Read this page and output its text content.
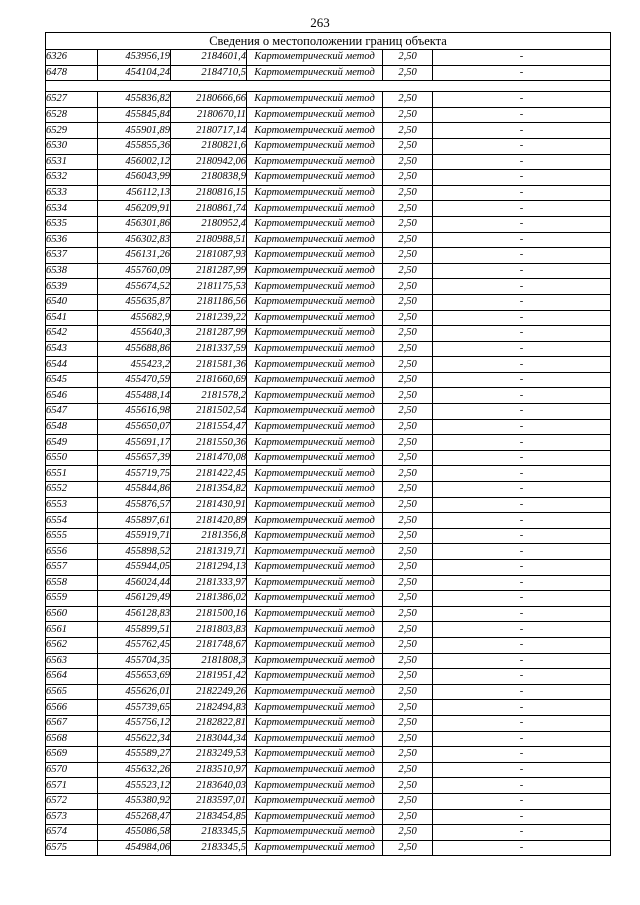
263
Сведения о местоположении границ объекта					
6326	453956,19	2184601,4	Картометрический метод	2,50	-
6478	454104,24	2184710,5	Картометрический метод	2,50	-

6527	455836,82	2180666,66	Картометрический метод	2,50	-
6528	455845,84	2180670,11	Картометрический метод	2,50	-
6529	455901,89	2180717,14	Картометрический метод	2,50	-
6530	455855,36	2180821,6	Картометрический метод	2,50	-
6531	456002,12	2180942,06	Картометрический метод	2,50	-
6532	456043,99	2180838,9	Картометрический метод	2,50	-
6533	456112,13	2180816,15	Картометрический метод	2,50	-
6534	456209,91	2180861,74	Картометрический метод	2,50	-
6535	456301,86	2180952,4	Картометрический метод	2,50	-
6536	456302,83	2180988,51	Картометрический метод	2,50	-
6537	456131,26	2181087,93	Картометрический метод	2,50	-
6538	455760,09	2181287,99	Картометрический метод	2,50	-
6539	455674,52	2181175,53	Картометрический метод	2,50	-
6540	455635,87	2181186,56	Картометрический метод	2,50	-
6541	455682,9	2181239,22	Картометрический метод	2,50	-
6542	455640,3	2181287,99	Картометрический метод	2,50	-
6543	455688,86	2181337,59	Картометрический метод	2,50	-
6544	455423,2	2181581,36	Картометрический метод	2,50	-
6545	455470,59	2181660,69	Картометрический метод	2,50	-
6546	455488,14	2181578,2	Картометрический метод	2,50	-
6547	455616,98	2181502,54	Картометрический метод	2,50	-
6548	455650,07	2181554,47	Картометрический метод	2,50	-
6549	455691,17	2181550,36	Картометрический метод	2,50	-
6550	455657,39	2181470,08	Картометрический метод	2,50	-
6551	455719,75	2181422,45	Картометрический метод	2,50	-
6552	455844,86	2181354,82	Картометрический метод	2,50	-
6553	455876,57	2181430,91	Картометрический метод	2,50	-
6554	455897,61	2181420,89	Картометрический метод	2,50	-
6555	455919,71	2181356,8	Картометрический метод	2,50	-
6556	455898,52	2181319,71	Картометрический метод	2,50	-
6557	455944,05	2181294,13	Картометрический метод	2,50	-
6558	456024,44	2181333,97	Картометрический метод	2,50	-
6559	456129,49	2181386,02	Картометрический метод	2,50	-
6560	456128,83	2181500,16	Картометрический метод	2,50	-
6561	455899,51	2181803,83	Картометрический метод	2,50	-
6562	455762,45	2181748,67	Картометрический метод	2,50	-
6563	455704,35	2181808,3	Картометрический метод	2,50	-
6564	455653,69	2181951,42	Картометрический метод	2,50	-
6565	455626,01	2182249,26	Картометрический метод	2,50	-
6566	455739,65	2182494,83	Картометрический метод	2,50	-
6567	455756,12	2182822,81	Картометрический метод	2,50	-
6568	455622,34	2183044,34	Картометрический метод	2,50	-
6569	455589,27	2183249,53	Картометрический метод	2,50	-
6570	455632,26	2183510,97	Картометрический метод	2,50	-
6571	455523,12	2183640,03	Картометрический метод	2,50	-
6572	455380,92	2183597,01	Картометрический метод	2,50	-
6573	455268,47	2183454,85	Картометрический метод	2,50	-
6574	455086,58	2183345,5	Картометрический метод	2,50	-
6575	454984,06	2183345,5	Картометрический метод	2,50	-
